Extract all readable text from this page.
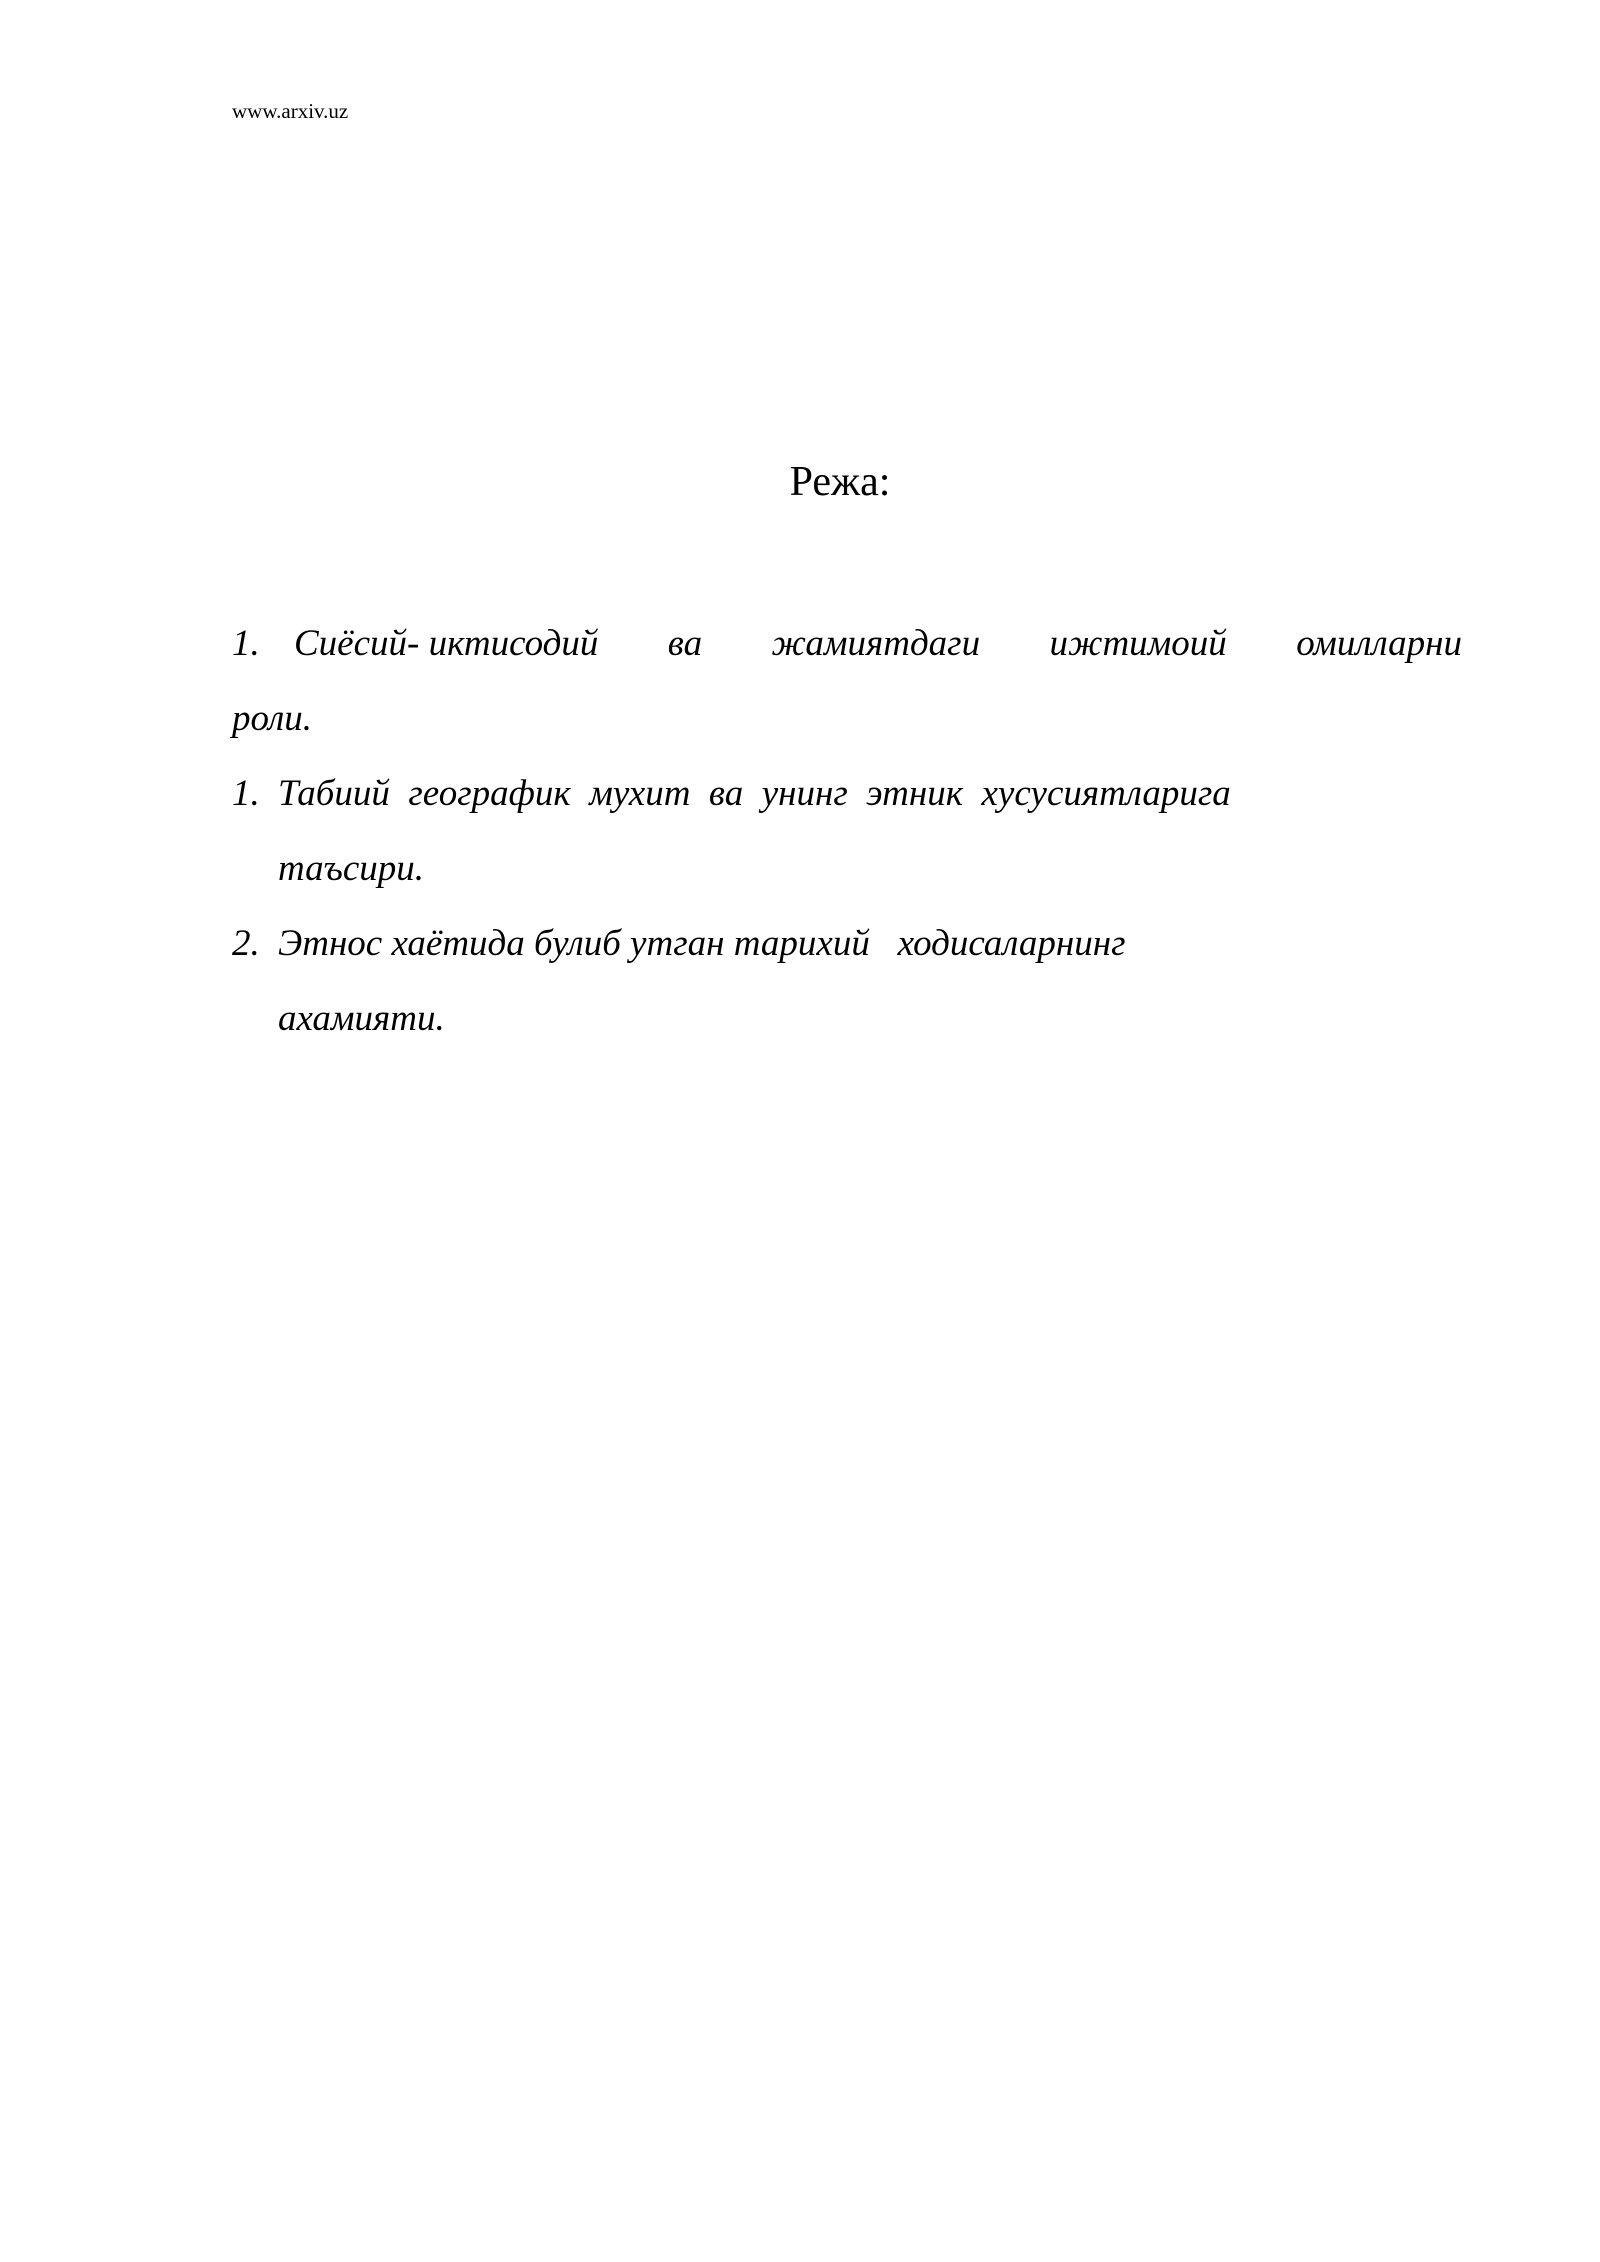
www.arxiv.uz
Режа:
1. Сиёсий- иктисодий ва жамиятдаги ижтимоий омилларни
роли.
1. Табиий  географик  мухит  ва  унинг  этник  хусусиятларига
таъсири.
2. Этнос хаётида булиб утган тарихий   ходисаларнинг
ахамияти.
